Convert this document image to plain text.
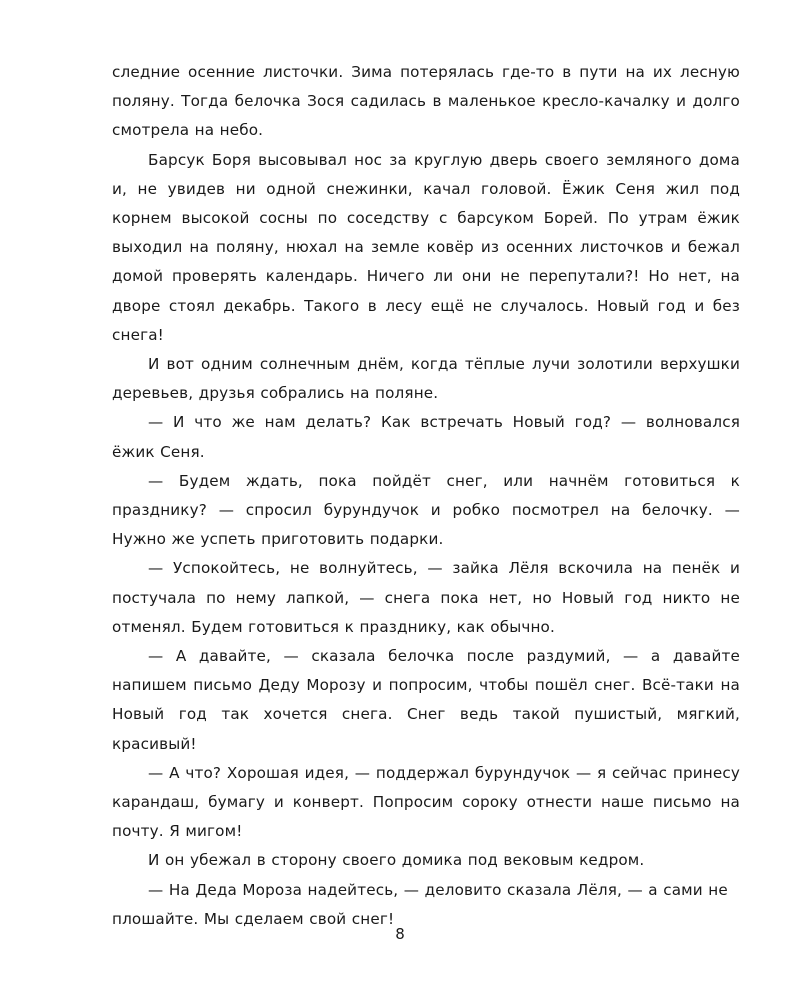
следние осенние листочки. Зима потерялась где-то в пути на их лесную поляну. Тогда белочка Зося садилась в маленькое кресло-качалку и долго смотрела на небо.

Барсук Боря высовывал нос за круглую дверь своего земляного дома и, не увидев ни одной снежинки, качал головой. Ёжик Сеня жил под корнем высокой сосны по соседству с барсуком Борей. По утрам ёжик выходил на поляну, нюхал на земле ковёр из осенних листочков и бежал домой проверять календарь. Ничего ли они не перепутали?! Но нет, на дворе стоял декабрь. Такого в лесу ещё не случалось. Новый год и без снега!

И вот одним солнечным днём, когда тёплые лучи золотили верхушки деревьев, друзья собрались на поляне.

— И что же нам делать? Как встречать Новый год? — волновался ёжик Сеня.

— Будем ждать, пока пойдёт снег, или начнём готовиться к празднику? — спросил бурундучок и робко посмотрел на белочку. — Нужно же успеть приготовить подарки.

— Успокойтесь, не волнуйтесь, — зайка Лёля вскочила на пенёк и постучала по нему лапкой, — снега пока нет, но Новый год никто не отменял. Будем готовиться к празднику, как обычно.

— А давайте, — сказала белочка после раздумий, — а давайте напишем письмо Деду Морозу и попросим, чтобы пошёл снег. Всё-таки на Новый год так хочется снега. Снег ведь такой пушистый, мягкий, красивый!

— А что? Хорошая идея, — поддержал бурундучок — я сейчас принесу карандаш, бумагу и конверт. Попросим сороку отнести наше письмо на почту. Я мигом!

И он убежал в сторону своего домика под вековым кедром.

— На Деда Мороза надейтесь, — деловито сказала Лёля, — а сами не плошайте. Мы сделаем свой снег!

8
